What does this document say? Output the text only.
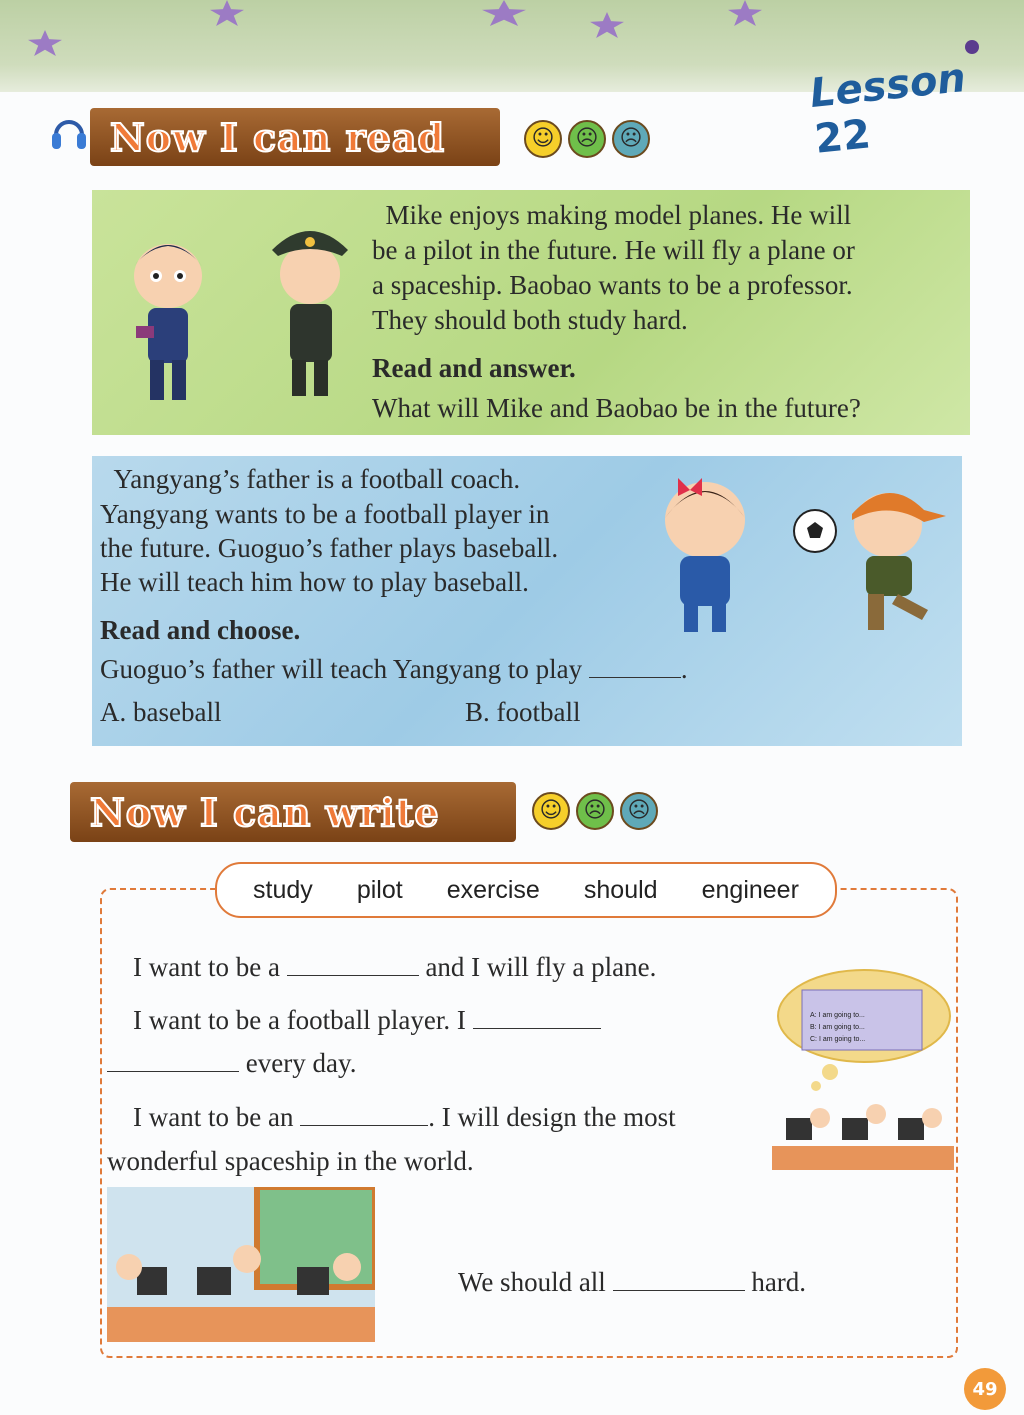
Lesson 22
Now I can read	☺ ☹ ☹

Mike enjoys making model planes. He will

be a pilot in the future. He will fly a plane or

a spaceship. Baobao wants to be a professor.

They should both study hard.

Read and answer.

What will Mike and Baobao be in the future?

Yangyang’s father is a football coach.

Yangyang wants to be a football player in

the future. Guoguo’s father plays baseball.

He will teach him how to play baseball.

Read and choose.

Guoguo’s father will teach Yangyang to play	.

A. baseball	B. football

Now I can write	☺ ☹ ☹
study pilot exercise should engineer
I want to be a	and I will fly a plane.
I want to be a football player. I
every day.
I want to be an	. I will design the most
wonderful spaceship in the world.
We should all	hard.
A: I am going to...
B: I am going to...
C: I am going to...
49
